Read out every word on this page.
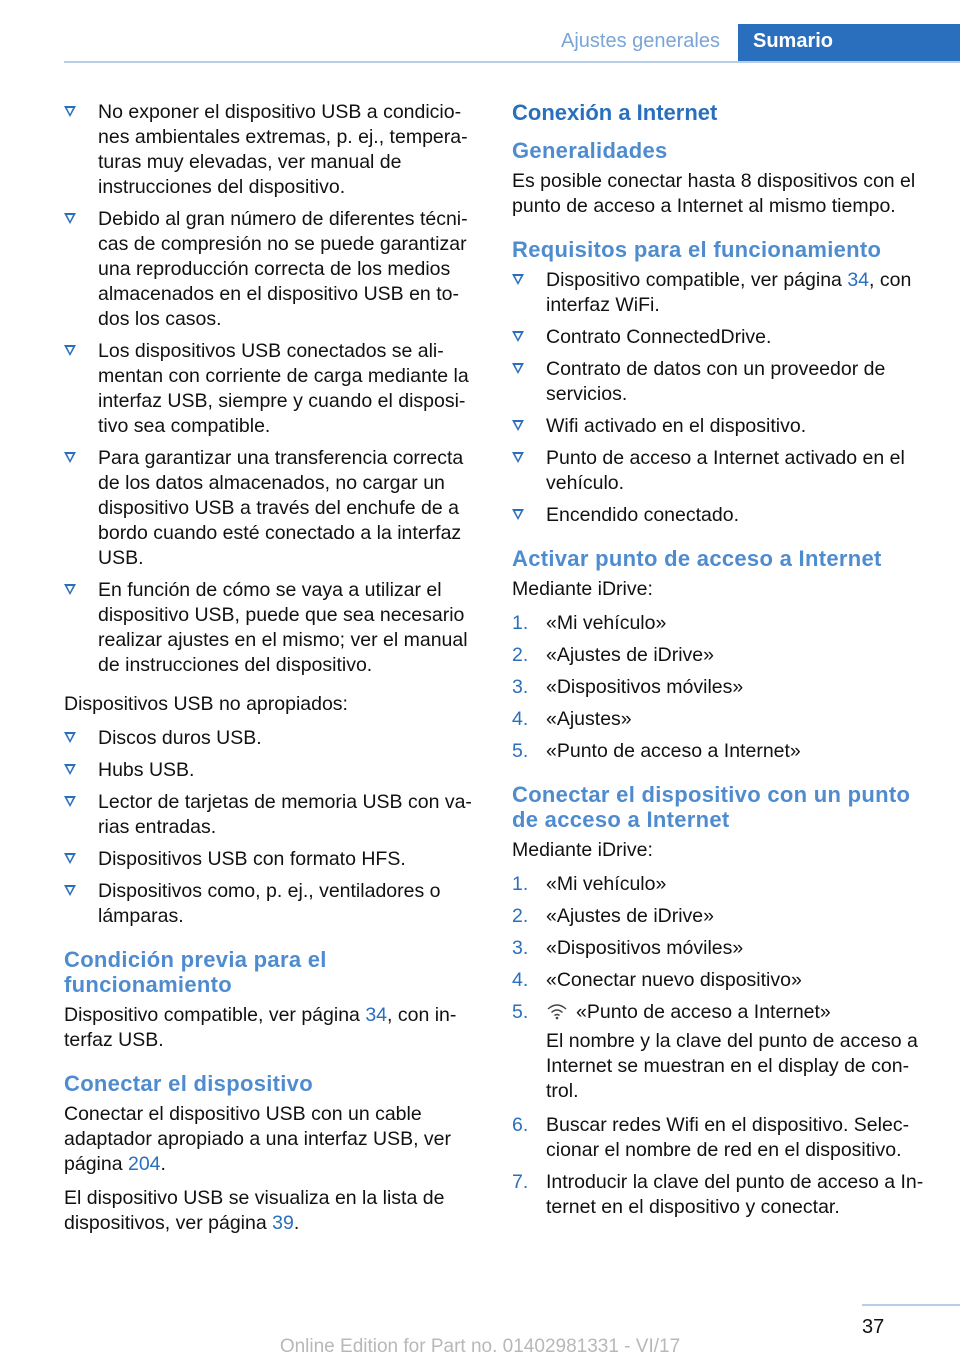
Ajustes generales	Sumario
No exponer el dispositivo USB a condicio-nes ambientales extremas, p. ej., tempera-turas muy elevadas, ver manual de instrucciones del dispositivo.
Debido al gran número de diferentes técni-cas de compresión no se puede garantizar una reproducción correcta de los medios almacenados en el dispositivo USB en to-dos los casos.
Los dispositivos USB conectados se ali-mentan con corriente de carga mediante la interfaz USB, siempre y cuando el disposi-tivo sea compatible.
Para garantizar una transferencia correcta de los datos almacenados, no cargar un dispositivo USB a través del enchufe de a bordo cuando esté conectado a la interfaz USB.
En función de cómo se vaya a utilizar el dispositivo USB, puede que sea necesario realizar ajustes en el mismo; ver el manual de instrucciones del dispositivo.

Dispositivos USB no apropiados:

Discos duros USB.
Hubs USB.
Lector de tarjetas de memoria USB con va-rias entradas.
Dispositivos USB con formato HFS.
Dispositivos como, p. ej., ventiladores o lámparas.
Condición previa para el funcionamiento

Dispositivo compatible, ver página 34, con in-terfaz USB.

Conectar el dispositivo

Conectar el dispositivo USB con un cable adaptador apropiado a una interfaz USB, ver página 204.

El dispositivo USB se visualiza en la lista de dispositivos, ver página 39.

Conexión a Internet
Generalidades

Es posible conectar hasta 8 dispositivos con el punto de acceso a Internet al mismo tiempo.

Requisitos para el funcionamiento
Dispositivo compatible, ver página 34, con interfaz WiFi.
Contrato ConnectedDrive.
Contrato de datos con un proveedor de servicios.
Wifi activado en el dispositivo.
Punto de acceso a Internet activado en el vehículo.
Encendido conectado.
Activar punto de acceso a Internet

Mediante iDrive:

1. «Mi vehículo»
2. «Ajustes de iDrive»
3. «Dispositivos móviles»
4. «Ajustes»
5. «Punto de acceso a Internet»
Conectar el dispositivo con un punto de acceso a Internet

Mediante iDrive:

1. «Mi vehículo»
2. «Ajustes de iDrive»
3. «Dispositivos móviles»
4. «Conectar nuevo dispositivo»
5. «Punto de acceso a Internet»

El nombre y la clave del punto de acceso a Internet se muestran en el display de con-trol.

6. Buscar redes Wifi en el dispositivo. Selec-cionar el nombre de red en el dispositivo.
7. Introducir la clave del punto de acceso a In-ternet en el dispositivo y conectar.
37
Online Edition for Part no. 01402981331 - VI/17
